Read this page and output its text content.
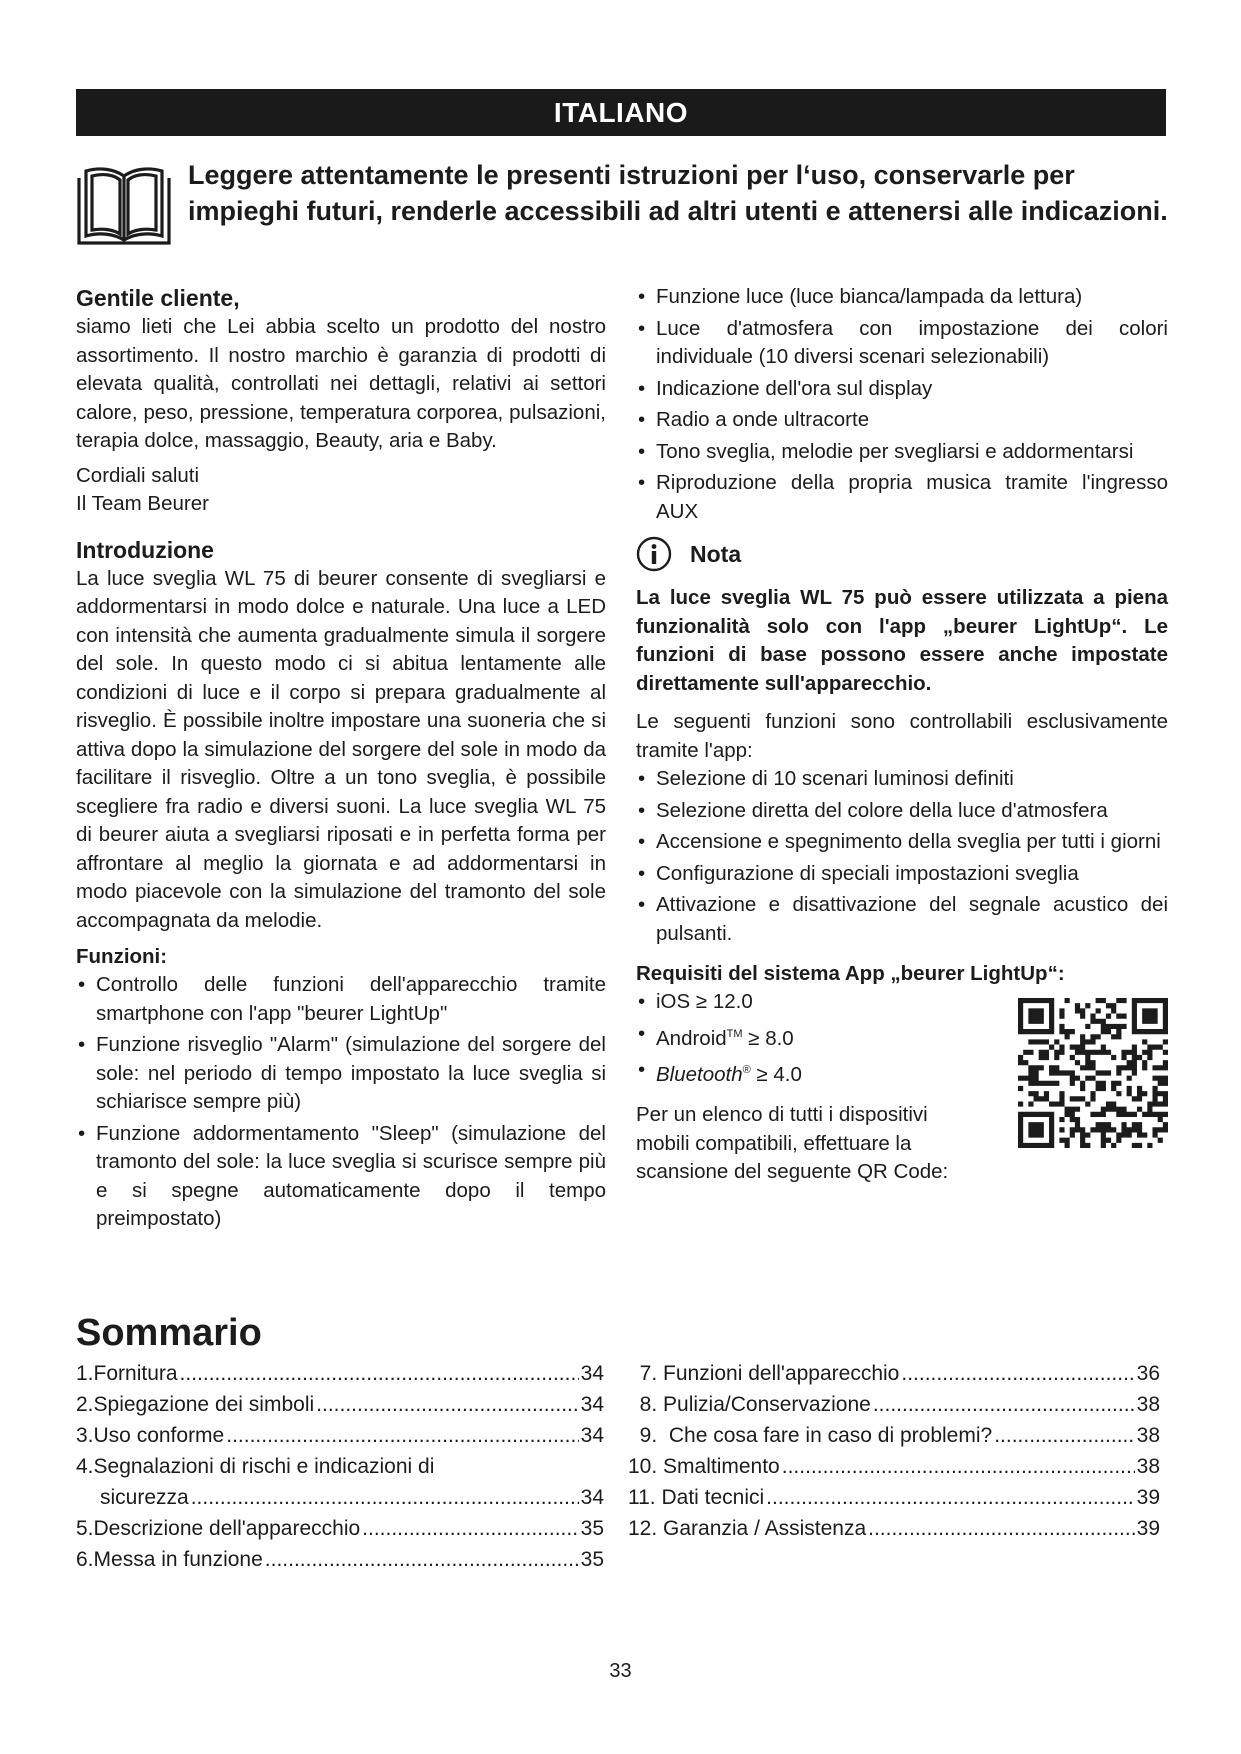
ITALIANO
Leggere attentamente le presenti istruzioni per l‘uso, conservarle per impieghi futuri, renderle accessibili ad altri utenti e attenersi alle indicazioni.
Gentile cliente,

siamo lieti che Lei abbia scelto un prodotto del nostro assortimento. Il nostro marchio è garanzia di prodotti di elevata qualità, controllati nei dettagli, relativi ai settori calore, peso, pressione, temperatura corporea, pulsazioni, terapia dolce, massaggio, Beauty, aria e Baby.

Cordiali saluti

Il Team Beurer

Introduzione

La luce sveglia WL 75 di beurer consente di svegliarsi e addormentarsi in modo dolce e naturale. Una luce a LED con intensità che aumenta gradualmente simula il sorgere del sole. In questo modo ci si abitua lentamente alle condizioni di luce e il corpo si prepara gradualmente al risveglio. È possibile inoltre impostare una suoneria che si attiva dopo la simulazione del sorgere del sole in modo da facilitare il risveglio. Oltre a un tono sveglia, è possibile scegliere fra radio e diversi suoni. La luce sveglia WL 75 di beurer aiuta a svegliarsi riposati e in perfetta forma per affrontare al meglio la giornata e ad addormentarsi in modo piacevole con la simulazione del tramonto del sole accompagnata da melodie.

Funzioni:
• Controllo delle funzioni dell'apparecchio tramite smartphone con l'app "beurer LightUp"
• Funzione risveglio "Alarm" (simulazione del sorgere del sole: nel periodo di tempo impostato la luce sveglia si schiarisce sempre più)
• Funzione addormentamento "Sleep" (simulazione del tramonto del sole: la luce sveglia si scurisce sempre più e si spegne automaticamente dopo il tempo preimpostato)
• Funzione luce (luce bianca/lampada da lettura)
• Luce d'atmosfera con impostazione dei colori individuale (10 diversi scenari selezionabili)
• Indicazione dell'ora sul display
• Radio a onde ultracorte
• Tono sveglia, melodie per svegliarsi e addormentarsi
• Riproduzione della propria musica tramite l'ingresso AUX
Nota

La luce sveglia WL 75 può essere utilizzata a piena funzionalità solo con l'app „beurer LightUp“. Le funzioni di base possono essere anche impostate direttamente sull'apparecchio.

Le seguenti funzioni sono controllabili esclusivamente tramite l'app:

• Selezione di 10 scenari luminosi definiti
• Selezione diretta del colore della luce d'atmosfera
• Accensione e spegnimento della sveglia per tutti i giorni
• Configurazione di speciali impostazioni sveglia
• Attivazione e disattivazione del segnale acustico dei pulsanti.
Requisiti del sistema App „beurer LightUp“:
• iOS ≥ 12.0
• Android™ ≥ 8.0
• Bluetooth® ≥ 4.0

Per un elenco di tutti i dispositivi mobili compatibili, effettuare la scansione del seguente QR Code:

Sommario
1. Fornitura .....	34
2. Spiegazione dei simboli .....	34
3. Uso conforme .....	34
4. Segnalazioni di rischi e indicazioni di
sicurezza .....	34
5. Descrizione dell'apparecchio .....	35
6. Messa in funzione .....	35
7. Funzioni dell'apparecchio .....	36
8. Pulizia/Conservazione .....	38
9. Che cosa fare in caso di problemi? .....	38
10. Smaltimento .....	38
11. Dati tecnici .....	39
12. Garanzia / Assistenza .....	39
33
